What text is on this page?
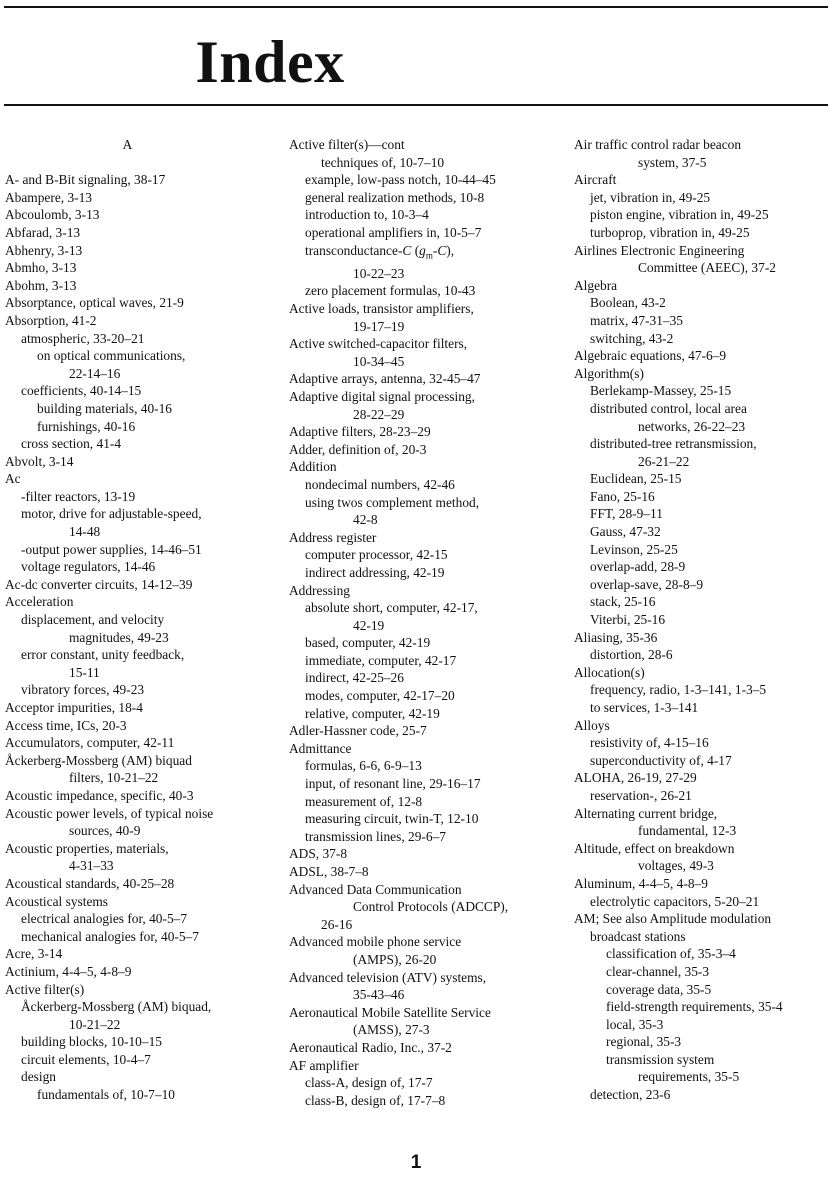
Index
A
A- and B-Bit signaling, 38-17
Abampere, 3-13
Abcoulomb, 3-13
Abfarad, 3-13
Abhenry, 3-13
Abmho, 3-13
Abohm, 3-13
Absorptance, optical waves, 21-9
Absorption, 41-2
atmospheric, 33-20–21
on optical communications,
22-14–16
coefficients, 40-14–15
building materials, 40-16
furnishings, 40-16
cross section, 41-4
Abvolt, 3-14
Ac
-filter reactors, 13-19
motor, drive for adjustable-speed,
14-48
-output power supplies, 14-46–51
voltage regulators, 14-46
Ac-dc converter circuits, 14-12–39
Acceleration
displacement, and velocity
magnitudes, 49-23
error constant, unity feedback,
15-11
vibratory forces, 49-23
Acceptor impurities, 18-4
Access time, ICs, 20-3
Accumulators, computer, 42-11
Åckerberg-Mossberg (AM) biquad
filters, 10-21–22
Acoustic impedance, specific, 40-3
Acoustic power levels, of typical noise
sources, 40-9
Acoustic properties, materials,
4-31–33
Acoustical standards, 40-25–28
Acoustical systems
electrical analogies for, 40-5–7
mechanical analogies for, 40-5–7
Acre, 3-14
Actinium, 4-4–5, 4-8–9
Active filter(s)
Åckerberg-Mossberg (AM) biquad,
10-21–22
building blocks, 10-10–15
circuit elements, 10-4–7
design
fundamentals of, 10-7–10
Active filter(s)—cont
techniques of, 10-7–10
example, low-pass notch, 10-44–45
general realization methods, 10-8
introduction to, 10-3–4
operational amplifiers in, 10-5–7
transconductance-C $(g_m-C)$,
10-22–23
zero placement formulas, 10-43
Active loads, transistor amplifiers,
19-17–19
Active switched-capacitor filters,
10-34–45
Adaptive arrays, antenna, 32-45–47
Adaptive digital signal processing,
28-22–29
Adaptive filters, 28-23–29
Adder, definition of, 20-3
Addition
nondecimal numbers, 42-46
using twos complement method,
42-8
Address register
computer processor, 42-15
indirect addressing, 42-19
Addressing
absolute short, computer, 42-17,
42-19
based, computer, 42-19
immediate, computer, 42-17
indirect, 42-25–26
modes, computer, 42-17–20
relative, computer, 42-19
Adler-Hassner code, 25-7
Admittance
formulas, 6-6, 6-9–13
input, of resonant line, 29-16–17
measurement of, 12-8
measuring circuit, twin-T, 12-10
transmission lines, 29-6–7
ADS, 37-8
ADSL, 38-7–8
Advanced Data Communication
Control Protocols (ADCCP),
26-16
Advanced mobile phone service
(AMPS), 26-20
Advanced television (ATV) systems,
35-43–46
Aeronautical Mobile Satellite Service
(AMSS), 27-3
Aeronautical Radio, Inc., 37-2
AF amplifier
class-A, design of, 17-7
class-B, design of, 17-7–8
Air traffic control radar beacon
system, 37-5
Aircraft
jet, vibration in, 49-25
piston engine, vibration in, 49-25
turboprop, vibration in, 49-25
Airlines Electronic Engineering
Committee (AEEC), 37-2
Algebra
Boolean, 43-2
matrix, 47-31–35
switching, 43-2
Algebraic equations, 47-6–9
Algorithm(s)
Berlekamp-Massey, 25-15
distributed control, local area
networks, 26-22–23
distributed-tree retransmission,
26-21–22
Euclidean, 25-15
Fano, 25-16
FFT, 28-9–11
Gauss, 47-32
Levinson, 25-25
overlap-add, 28-9
overlap-save, 28-8–9
stack, 25-16
Viterbi, 25-16
Aliasing, 35-36
distortion, 28-6
Allocation(s)
frequency, radio, 1-3–141, 1-3–5
to services, 1-3–141
Alloys
resistivity of, 4-15–16
superconductivity of, 4-17
ALOHA, 26-19, 27-29
reservation-, 26-21
Alternating current bridge,
fundamental, 12-3
Altitude, effect on breakdown
voltages, 49-3
Aluminum, 4-4–5, 4-8–9
electrolytic capacitors, 5-20–21
AM; See also Amplitude modulation
broadcast stations
classification of, 35-3–4
clear-channel, 35-3
coverage data, 35-5
field-strength requirements, 35-4
local, 35-3
regional, 35-3
transmission system
requirements, 35-5
detection, 23-6
1
